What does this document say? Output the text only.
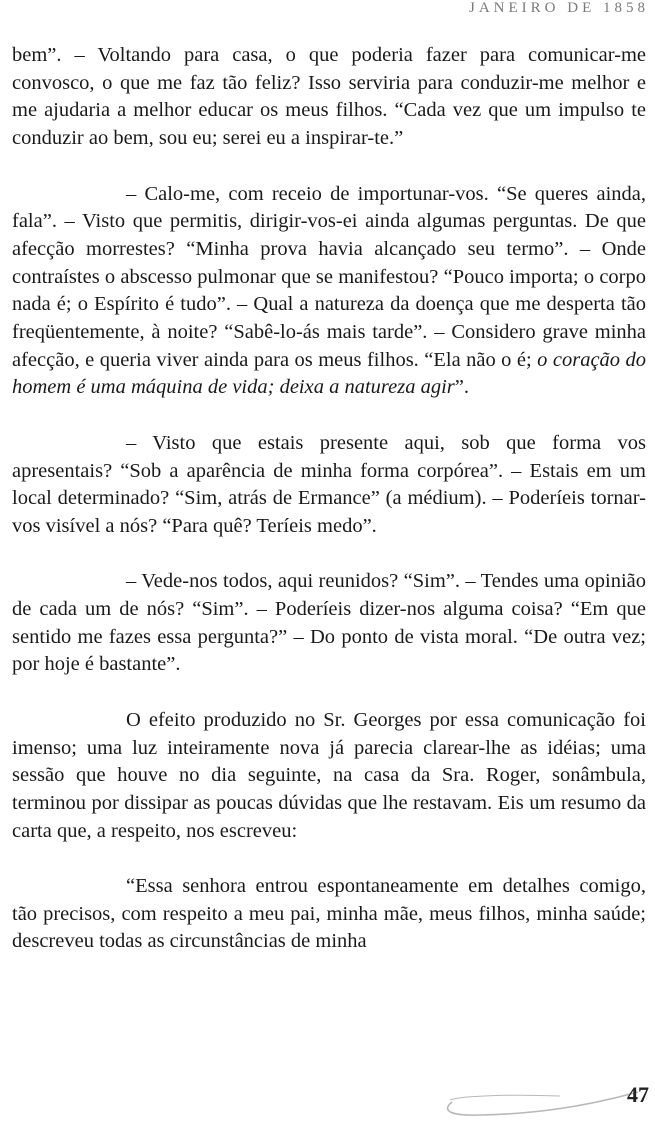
JANEIRO DE 1858

bem”. – Voltando para casa, o que poderia fazer para comunicar-me convosco, o que me faz tão feliz? Isso serviria para conduzir-me melhor e me ajudaria a melhor educar os meus filhos. “Cada vez que um impulso te conduzir ao bem, sou eu; serei eu a inspirar-te.”

– Calo-me, com receio de importunar-vos. “Se queres ainda, fala”. – Visto que permitis, dirigir-vos-ei ainda algumas perguntas. De que afecção morrestes? “Minha prova havia alcançado seu termo”. – Onde contraístes o abscesso pulmonar que se manifestou? “Pouco importa; o corpo nada é; o Espírito é tudo”. – Qual a natureza da doença que me desperta tão freqüentemente, à noite? “Sabê-lo-ás mais tarde”. – Considero grave minha afecção, e queria viver ainda para os meus filhos. “Ela não o é; o coração do homem é uma máquina de vida; deixa a natureza agir”.

– Visto que estais presente aqui, sob que forma vos apresentais? “Sob a aparência de minha forma corpórea”. – Estais em um local determinado? “Sim, atrás de Ermance” (a médium). – Poderíeis tornar-vos visível a nós? “Para quê? Teríeis medo”.

– Vede-nos todos, aqui reunidos? “Sim”. – Tendes uma opinião de cada um de nós? “Sim”. – Poderíeis dizer-nos alguma coisa? “Em que sentido me fazes essa pergunta?” – Do ponto de vista moral. “De outra vez; por hoje é bastante”.

O efeito produzido no Sr. Georges por essa comunicação foi imenso; uma luz inteiramente nova já parecia clarear-lhe as idéias; uma sessão que houve no dia seguinte, na casa da Sra. Roger, sonâmbula, terminou por dissipar as poucas dúvidas que lhe restavam. Eis um resumo da carta que, a respeito, nos escreveu:

“Essa senhora entrou espontaneamente em detalhes comigo, tão precisos, com respeito a meu pai, minha mãe, meus filhos, minha saúde; descreveu todas as circunstâncias de minha

47
